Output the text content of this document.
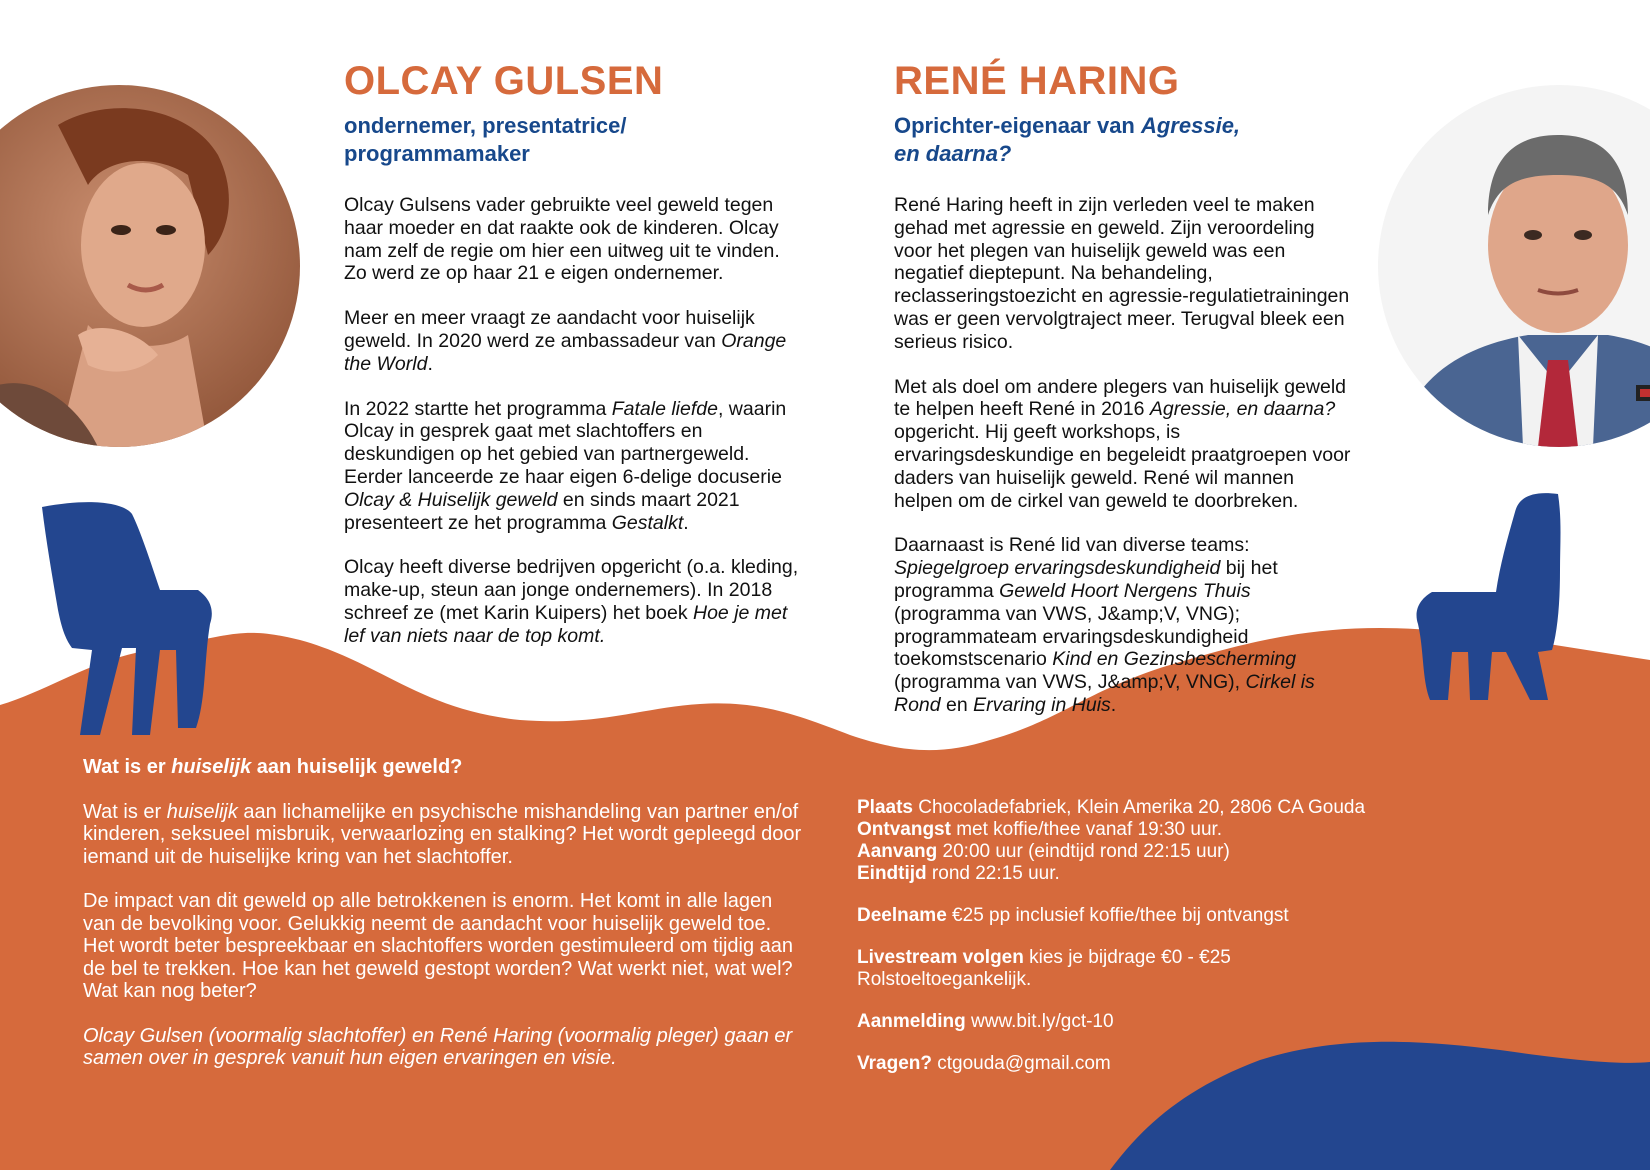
OLCAY GULSEN
ondernemer, presentatrice/
programmamaker

Olcay Gulsens vader gebruikte veel geweld tegen haar moeder en dat raakte ook de kinderen. Olcay nam zelf de regie om hier een uitweg uit te vinden. Zo werd ze op haar 21 e eigen ondernemer.

Meer en meer vraagt ze aandacht voor huiselijk geweld. In 2020 werd ze ambassadeur van Orange the World.

In 2022 startte het programma Fatale liefde, waarin Olcay in gesprek gaat met slachtoffers en deskundigen op het gebied van partnergeweld. Eerder lanceerde ze haar eigen 6-delige docuserie Olcay & Huiselijk geweld en sinds maart 2021 presenteert ze het programma Gestalkt.

Olcay heeft diverse bedrijven opgericht (o.a. kleding, make-up, steun aan jonge ondernemers). In 2018 schreef ze (met Karin Kuipers) het boek Hoe je met lef van niets naar de top komt.

RENÉ HARING
Oprichter-eigenaar van Agressie,
en daarna?

René Haring heeft in zijn verleden veel te maken gehad met agressie en geweld. Zijn veroordeling voor het plegen van huiselijk geweld was een negatief dieptepunt. Na behandeling, reclasseringstoezicht en agressie-regulatietrainingen was er geen vervolgtraject meer. Terugval bleek een serieus risico.

Met als doel om andere plegers van huiselijk geweld te helpen heeft René in 2016 Agressie, en daarna? opgericht. Hij geeft workshops, is ervaringsdeskundige en begeleidt praatgroepen voor daders van huiselijk geweld. René wil mannen helpen om de cirkel van geweld te doorbreken.

Daarnaast is René lid van diverse teams: Spiegelgroep ervaringsdeskundigheid bij het programma Geweld Hoort Nergens Thuis (programma van VWS, J&amp;V, VNG); programmateam ervaringsdeskundigheid toekomstscenario Kind en Gezinsbescherming (programma van VWS, J&amp;V, VNG), Cirkel is Rond en Ervaring in Huis.

Wat is er huiselijk aan huiselijk geweld?

Wat is er huiselijk aan lichamelijke en psychische mishandeling van partner en/of kinderen, seksueel misbruik, verwaarlozing en stalking? Het wordt gepleegd door iemand uit de huiselijke kring van het slachtoffer.

De impact van dit geweld op alle betrokkenen is enorm. Het komt in alle lagen van de bevolking voor. Gelukkig neemt de aandacht voor huiselijk geweld toe. Het wordt beter bespreekbaar en slachtoffers worden gestimuleerd om tijdig aan de bel te trekken. Hoe kan het geweld gestopt worden? Wat werkt niet, wat wel? Wat kan nog beter?

Olcay Gulsen (voormalig slachtoffer) en René Haring (voormalig pleger) gaan er samen over in gesprek vanuit hun eigen ervaringen en visie.

Plaats Chocoladefabriek, Klein Amerika 20, 2806 CA Gouda
Ontvangst met koffie/thee vanaf 19:30 uur.
Aanvang 20:00 uur (eindtijd rond 22:15 uur)
Eindtijd rond 22:15 uur.
Deelname €25 pp inclusief koffie/thee bij ontvangst
Livestream volgen kies je bijdrage €0 - €25
Rolstoeltoegankelijk.
Aanmelding www.bit.ly/gct-10
Vragen? ctgouda@gmail.com
